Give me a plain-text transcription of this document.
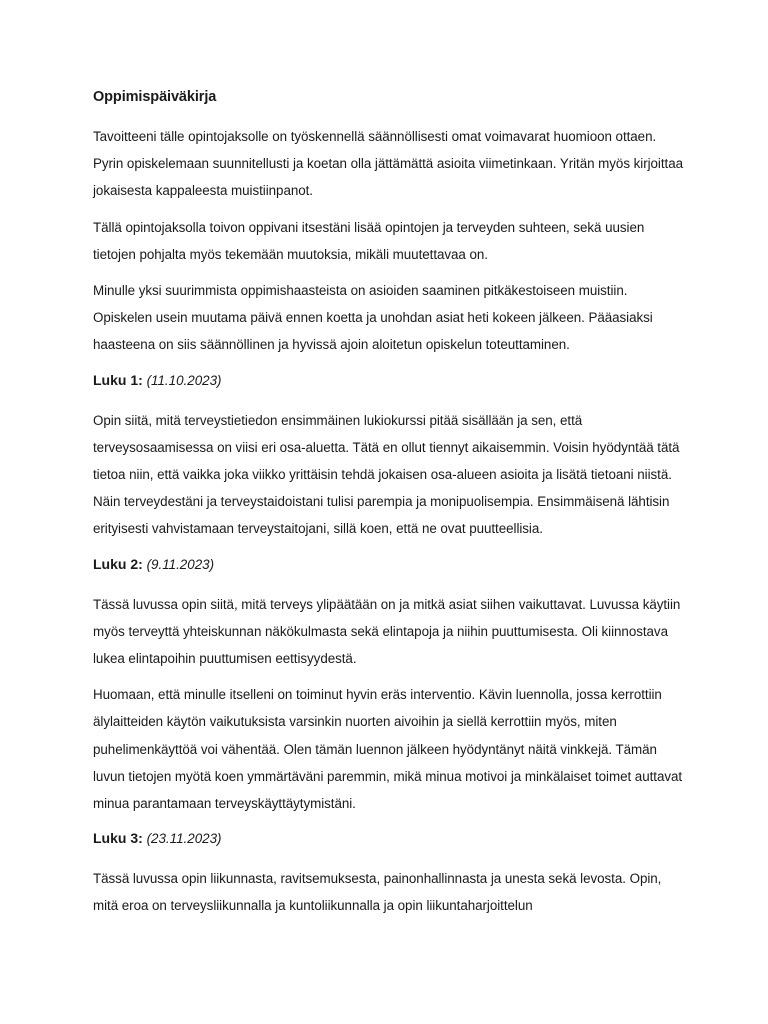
Oppimispäiväkirja

Tavoitteeni tälle opintojaksolle on työskennellä säännöllisesti omat voimavarat huomioon ottaen. Pyrin opiskelemaan suunnitellusti ja koetan olla jättämättä asioita viimetinkaan. Yritän myös kirjoittaa jokaisesta kappaleesta muistiinpanot.

Tällä opintojaksolla toivon oppivani itsestäni lisää opintojen ja terveyden suhteen, sekä uusien tietojen pohjalta myös tekemään muutoksia, mikäli muutettavaa on.

Minulle yksi suurimmista oppimishaasteista on asioiden saaminen pitkäkestoiseen muistiin. Opiskelen usein muutama päivä ennen koetta ja unohdan asiat heti kokeen jälkeen. Pääasiaksi haasteena on siis säännöllinen ja hyvissä ajoin aloitetun opiskelun toteuttaminen.

Luku 1: (11.10.2023)

Opin siitä, mitä terveystietiedon ensimmäinen lukiokurssi pitää sisällään ja sen, että terveysosaamisessa on viisi eri osa-aluetta. Tätä en ollut tiennyt aikaisemmin. Voisin hyödyntää tätä tietoa niin, että vaikka joka viikko yrittäisin tehdä jokaisen osa-alueen asioita ja lisätä tietoani niistä. Näin terveydestäni ja terveystaidoistani tulisi parempia ja monipuolisempia. Ensimmäisenä lähtisin erityisesti vahvistamaan terveystaitojani, sillä koen, että ne ovat puutteellisia.

Luku 2: (9.11.2023)

Tässä luvussa opin siitä, mitä terveys ylipäätään on ja mitkä asiat siihen vaikuttavat. Luvussa käytiin myös terveyttä yhteiskunnan näkökulmasta sekä elintapoja ja niihin puuttumisesta. Oli kiinnostava lukea elintapoihin puuttumisen eettisyydestä.

Huomaan, että minulle itselleni on toiminut hyvin eräs interventio. Kävin luennolla, jossa kerrottiin älylaitteiden käytön vaikutuksista varsinkin nuorten aivoihin ja siellä kerrottiin myös, miten puhelimenkäyttöä voi vähentää. Olen tämän luennon jälkeen hyödyntänyt näitä vinkkejä. Tämän luvun tietojen myötä koen ymmärtäväni paremmin, mikä minua motivoi ja minkälaiset toimet auttavat minua parantamaan terveyskäyttäytymistäni.

Luku 3: (23.11.2023)

Tässä luvussa opin liikunnasta, ravitsemuksesta, painonhallinnasta ja unesta sekä levosta. Opin, mitä eroa on terveysliikunnalla ja kuntoliikunnalla ja opin liikuntaharjoittelun
